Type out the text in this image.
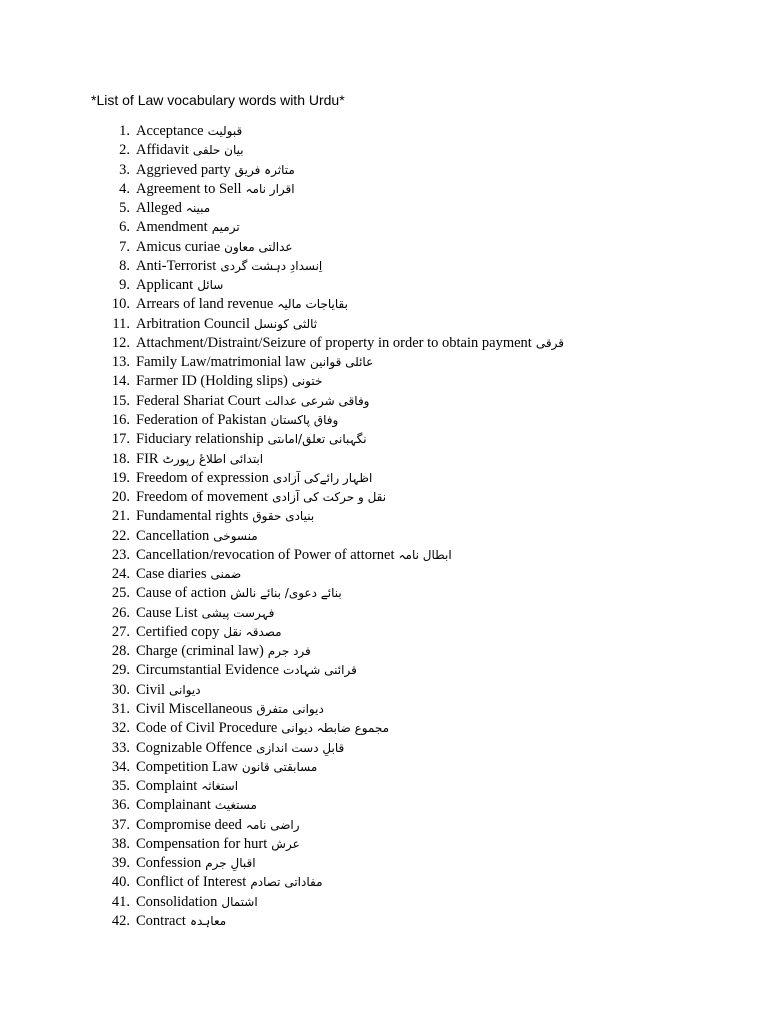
*List of Law vocabulary words with Urdu*
1. Acceptance قبولیت
2. Affidavit بیان حلفی
3. Aggrieved party متاثرہ فریق
4. Agreement to Sell اقرار نامہ
5. Alleged مبینہ
6. Amendment ترمیم
7. Amicus curiae عدالتی معاون
8. Anti-Terrorist اِنسدادِ دہشت گردی
9. Applicant سائل
10. Arrears of land revenue بقایاجات مالیہ
11. Arbitration Council ثالثی کونسل
12. Attachment/Distraint/Seizure of property in order to obtain payment قرقی
13. Family Law/matrimonial law عائلی قوانین
14. Farmer ID (Holding slips) ختونی
15. Federal Shariat Court وفاقی شرعی عدالت
16. Federation of Pakistan وفاق پاکستان
17. Fiduciary relationship نگہبانی تعلق/اماںتی
18. FIR ابتدائی اطلاعٔ رپورٹ
19. Freedom of expression اظہار رائےکی آزادی
20. Freedom of movement نقل و حرکت کی آزادی
21. Fundamental rights بنیادی حقوق
22. Cancellation منسوخی
23. Cancellation/revocation of Power of attornet ابطال نامہ
24. Case diaries ضمنی
25. Cause of action بنائے دعوی/ بنائے نالش
26. Cause List فہرست پیشی
27. Certified copy مصدقہ نقل
28. Charge (criminal law) فرد جرم
29. Circumstantial Evidence قرائنی شہادت
30. Civil دیوانی
31. Civil Miscellaneous دیوانی متفرق
32. Code of Civil Procedure مجموع ضابطہ دیوانی
33. Cognizable Offence قابلِ دست اندازی
34. Competition Law مسابقتی قانون
35. Complaint استغاثہ
36. Complainant مستغیث
37. Compromise deed راضی نامہ
38. Compensation for hurt عرش
39. Confession اقبالِ جرم
40. Conflict of Interest مفاداتی تصادم
41. Consolidation اشتمال
42. Contract معاہدہ
